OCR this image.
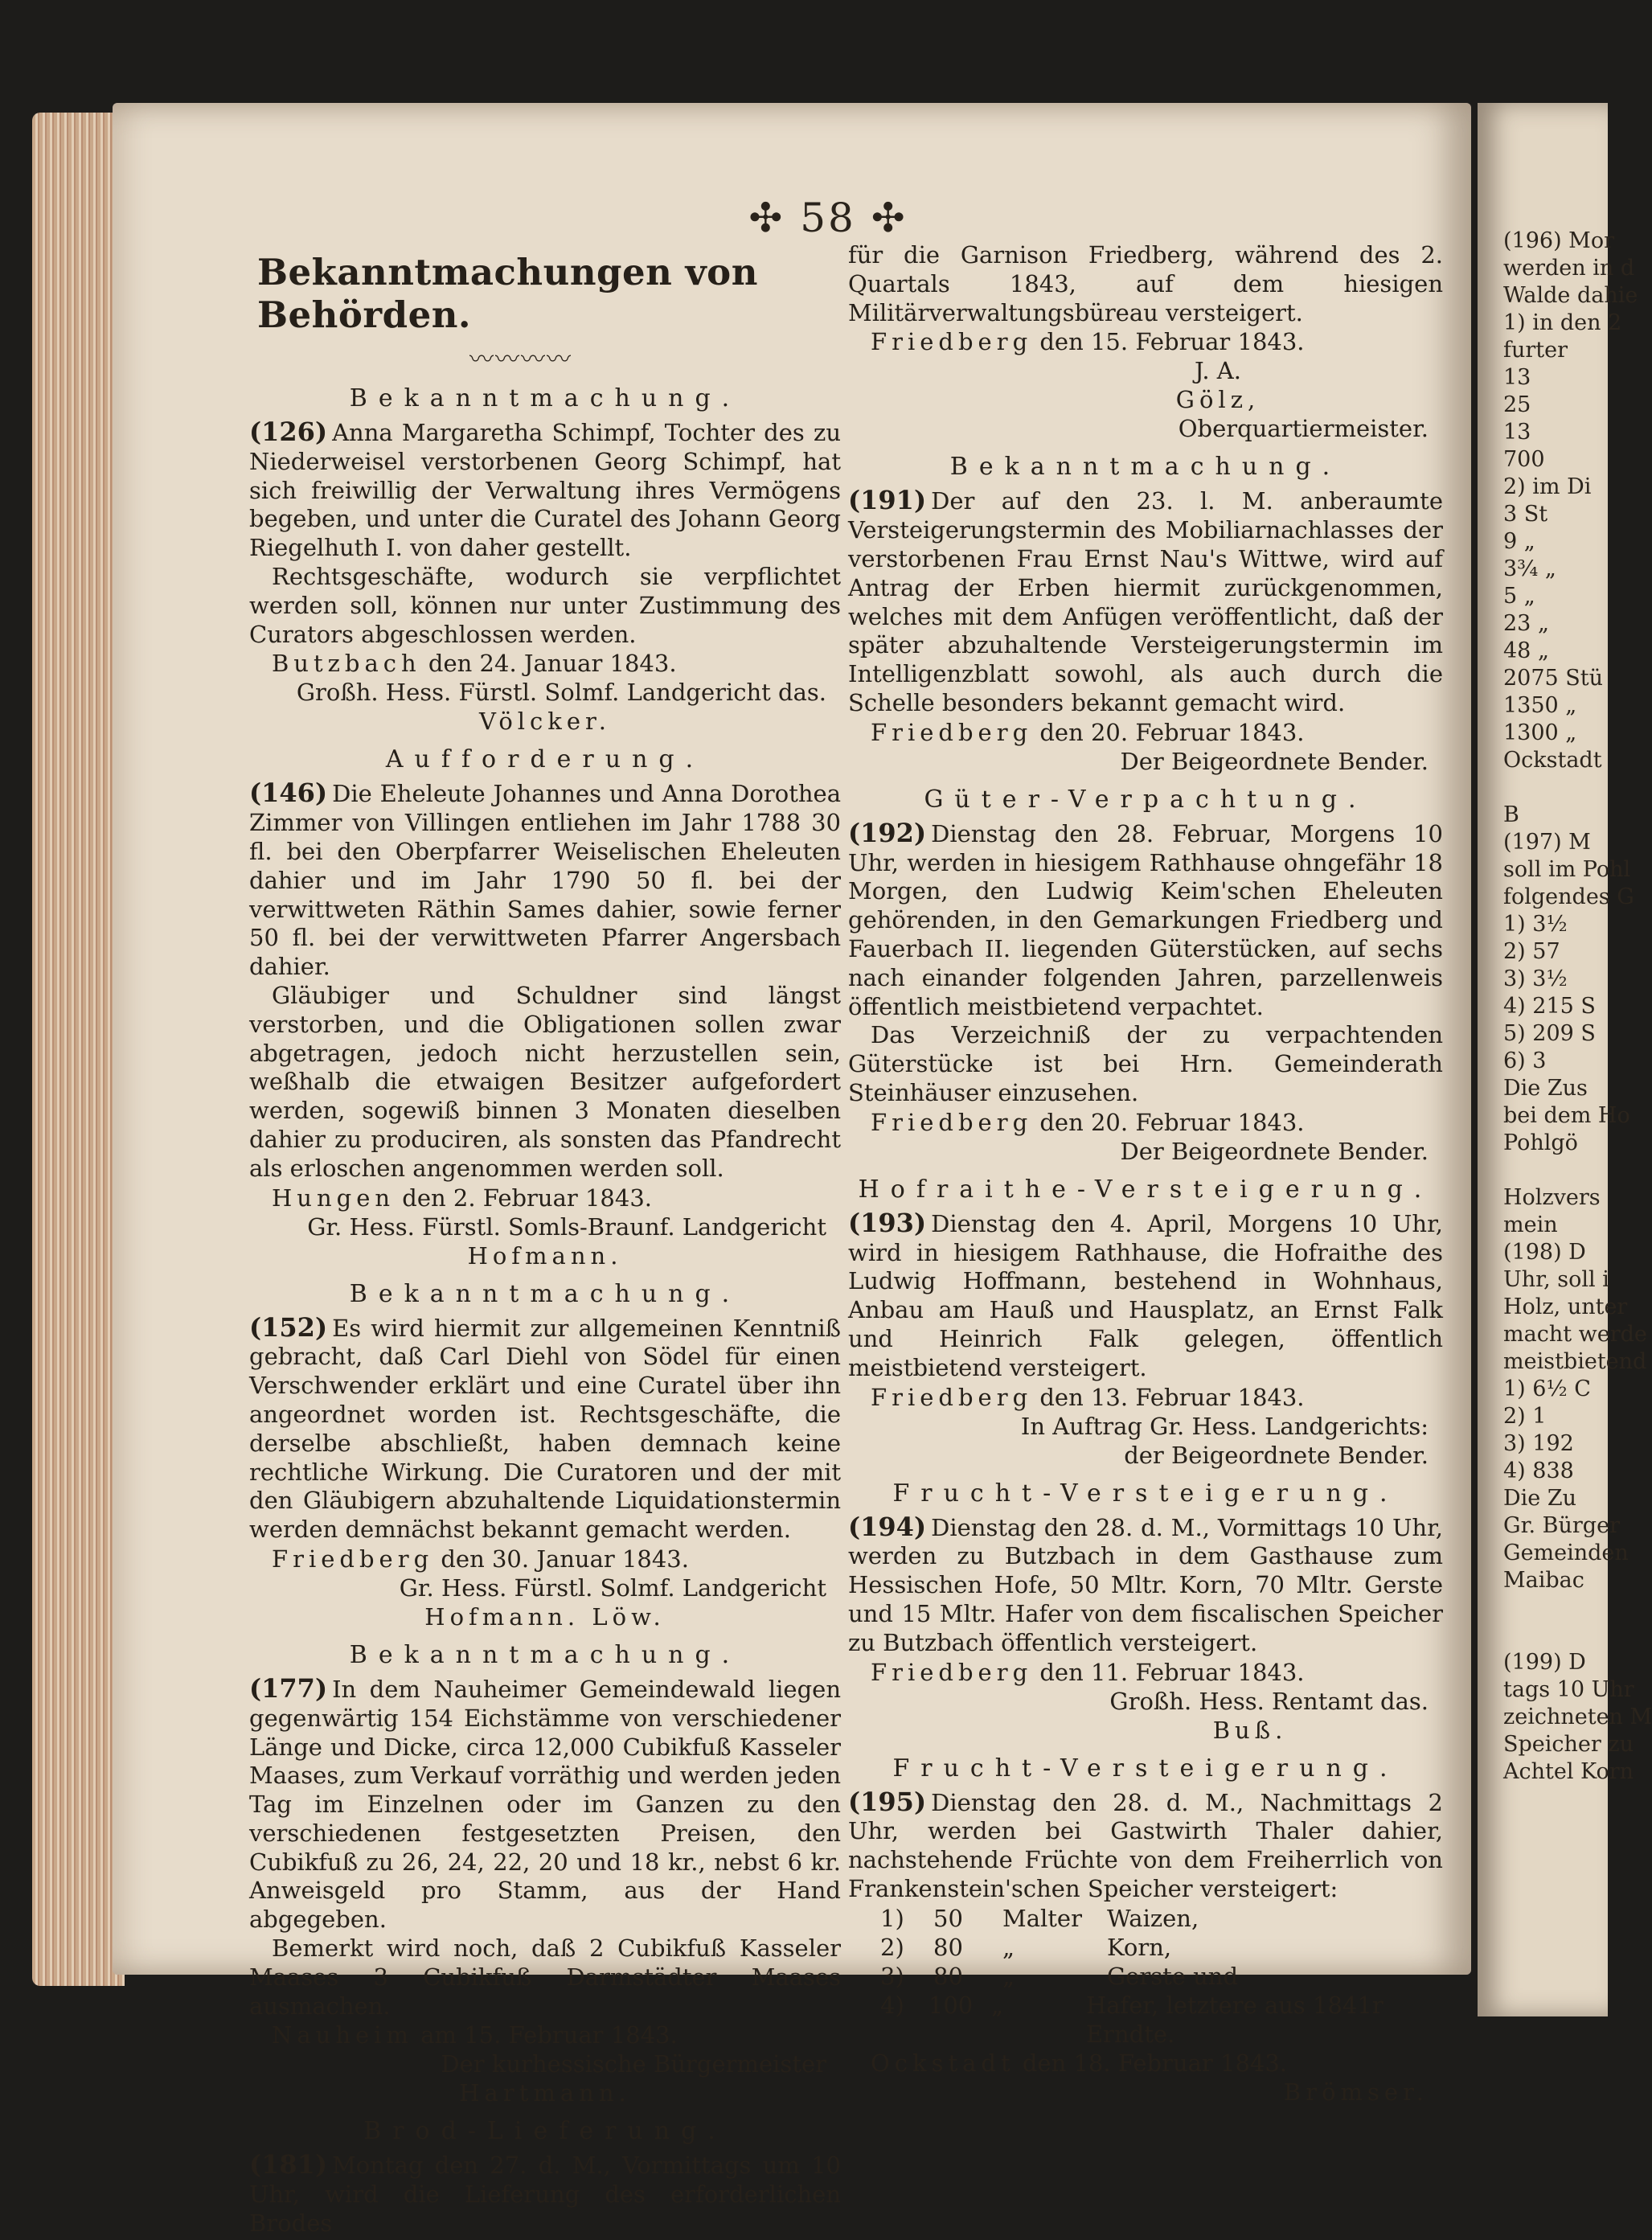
✣ 58 ✣
Bekanntmachungen von Behörden.
〰〰〰〰
Bekanntmachung.

(126) Anna Margaretha Schimpf, Tochter des zu Niederweisel verstorbenen Georg Schimpf, hat sich freiwillig der Verwaltung ihres Vermögens begeben, und unter die Curatel des Johann Georg Riegelhuth I. von daher gestellt.

Rechtsgeschäfte, wodurch sie verpflichtet werden soll, können nur unter Zustimmung des Curators abgeschlossen werden.

Butzbach den 24. Januar 1843.
Großh. Hess. Fürstl. Solmf. Landgericht das.
Völcker.
Aufforderung.

(146) Die Eheleute Johannes und Anna Dorothea Zimmer von Villingen entliehen im Jahr 1788 30 fl. bei den Oberpfarrer Weiselischen Eheleuten dahier und im Jahr 1790 50 fl. bei der verwittweten Räthin Sames dahier, sowie ferner 50 fl. bei der verwittweten Pfarrer Angersbach dahier.

Gläubiger und Schuldner sind längst verstorben, und die Obligationen sollen zwar abgetragen, jedoch nicht herzustellen sein, weßhalb die etwaigen Besitzer aufgefordert werden, sogewiß binnen 3 Monaten dieselben dahier zu produciren, als sonsten das Pfandrecht als erloschen angenommen werden soll.

Hungen den 2. Februar 1843.
Gr. Hess. Fürstl. Somls-Braunf. Landgericht
Hofmann.
Bekanntmachung.

(152) Es wird hiermit zur allgemeinen Kenntniß gebracht, daß Carl Diehl von Södel für einen Verschwender erklärt und eine Curatel über ihn angeordnet worden ist. Rechtsgeschäfte, die derselbe abschließt, haben demnach keine rechtliche Wirkung. Die Curatoren und der mit den Gläubigern abzuhaltende Liquidationstermin werden demnächst bekannt gemacht werden.

Friedberg den 30. Januar 1843.
Gr. Hess. Fürstl. Solmf. Landgericht
Hofmann. Löw.
Bekanntmachung.

(177) In dem Nauheimer Gemeindewald liegen gegenwärtig 154 Eichstämme von verschiedener Länge und Dicke, circa 12,000 Cubikfuß Kasseler Maases, zum Verkauf vorräthig und werden jeden Tag im Einzelnen oder im Ganzen zu den verschiedenen festgesetzten Preisen, den Cubikfuß zu 26, 24, 22, 20 und 18 kr., nebst 6 kr. Anweisgeld pro Stamm, aus der Hand abgegeben.

Bemerkt wird noch, daß 2 Cubikfuß Kasseler Maases 3 Cubikfuß Darmstädter Maases ausmachen.

Nauheim am 15. Februar 1843.
Der kurhessische Bürgermeister
Hartmann.
Brod-Lieferung.

(181) Montag den 27. d. M., Vormittags um 10 Uhr, wird die Lieferung des erforderlichen Brodes

für die Garnison Friedberg, während des 2. Quartals 1843, auf dem hiesigen Militärverwaltungsbüreau versteigert.

Friedberg den 15. Februar 1843.
J. A.
Gölz,
Oberquartiermeister.
Bekanntmachung.

(191) Der auf den 23. l. M. anberaumte Versteigerungstermin des Mobiliarnachlasses der verstorbenen Frau Ernst Nau's Wittwe, wird auf Antrag der Erben hiermit zurückgenommen, welches mit dem Anfügen veröffentlicht, daß der später abzuhaltende Versteigerungstermin im Intelligenzblatt sowohl, als auch durch die Schelle besonders bekannt gemacht wird.

Friedberg den 20. Februar 1843.
Der Beigeordnete Bender.
Güter-Verpachtung.

(192) Dienstag den 28. Februar, Morgens 10 Uhr, werden in hiesigem Rathhause ohngefähr 18 Morgen, den Ludwig Keim'schen Eheleuten gehörenden, in den Gemarkungen Friedberg und Fauerbach II. liegenden Güterstücken, auf sechs nach einander folgenden Jahren, parzellenweis öffentlich meistbietend verpachtet.

Das Verzeichniß der zu verpachtenden Güterstücke ist bei Hrn. Gemeinderath Steinhäuser einzusehen.

Friedberg den 20. Februar 1843.
Der Beigeordnete Bender.
Hofraithe-Versteigerung.

(193) Dienstag den 4. April, Morgens 10 Uhr, wird in hiesigem Rathhause, die Hofraithe des Ludwig Hoffmann, bestehend in Wohnhaus, Anbau am Hauß und Hausplatz, an Ernst Falk und Heinrich Falk gelegen, öffentlich meistbietend versteigert.

Friedberg den 13. Februar 1843.
In Auftrag Gr. Hess. Landgerichts:
der Beigeordnete Bender.
Frucht-Versteigerung.

(194) Dienstag den 28. d. M., Vormittags 10 Uhr, werden zu Butzbach in dem Gasthause zum Hessischen Hofe, 50 Mltr. Korn, 70 Mltr. Gerste und 15 Mltr. Hafer von dem fiscalischen Speicher zu Butzbach öffentlich versteigert.

Friedberg den 11. Februar 1843.
Großh. Hess. Rentamt das.
Buß.
Frucht-Versteigerung.

(195) Dienstag den 28. d. M., Nachmittags 2 Uhr, werden bei Gastwirth Thaler dahier, nachstehende Früchte von dem Freiherrlich von Frankenstein'schen Speicher versteigert:

1)	50	Malter	Waizen,
2)	80	„	Korn,
3)	80	„	Gerste und
4)	100 „	Hafer, letztere aus 1841r Erndte.
Ockstadt den 18. Februar 1843.
Brömser.
(196) Mor
werden in d
Walde dahie
1) in den 2
furter
13
25
13
700
2) im Di
3 St
9 „
3¾ „
5 „
23 „
48 „
2075 Stü
1350 „
1300 „
Ockstadt

B
(197) M
soll im Pohl
folgendes G
1) 3½
2) 57
3) 3½
4) 215 S
5) 209 S
6) 3
Die Zus
bei dem Ho
Pohlgö

Holzvers
mein
(198) D
Uhr, soll i
Holz, unter
macht werde
meistbietend
1) 6½ C
2) 1
3) 192
4) 838
Die Zu
Gr. Bürger
Gemeinden
Maibac

(199) D
tags 10 Uhr
zeichneten M
Speicher zu
Achtel Korn
